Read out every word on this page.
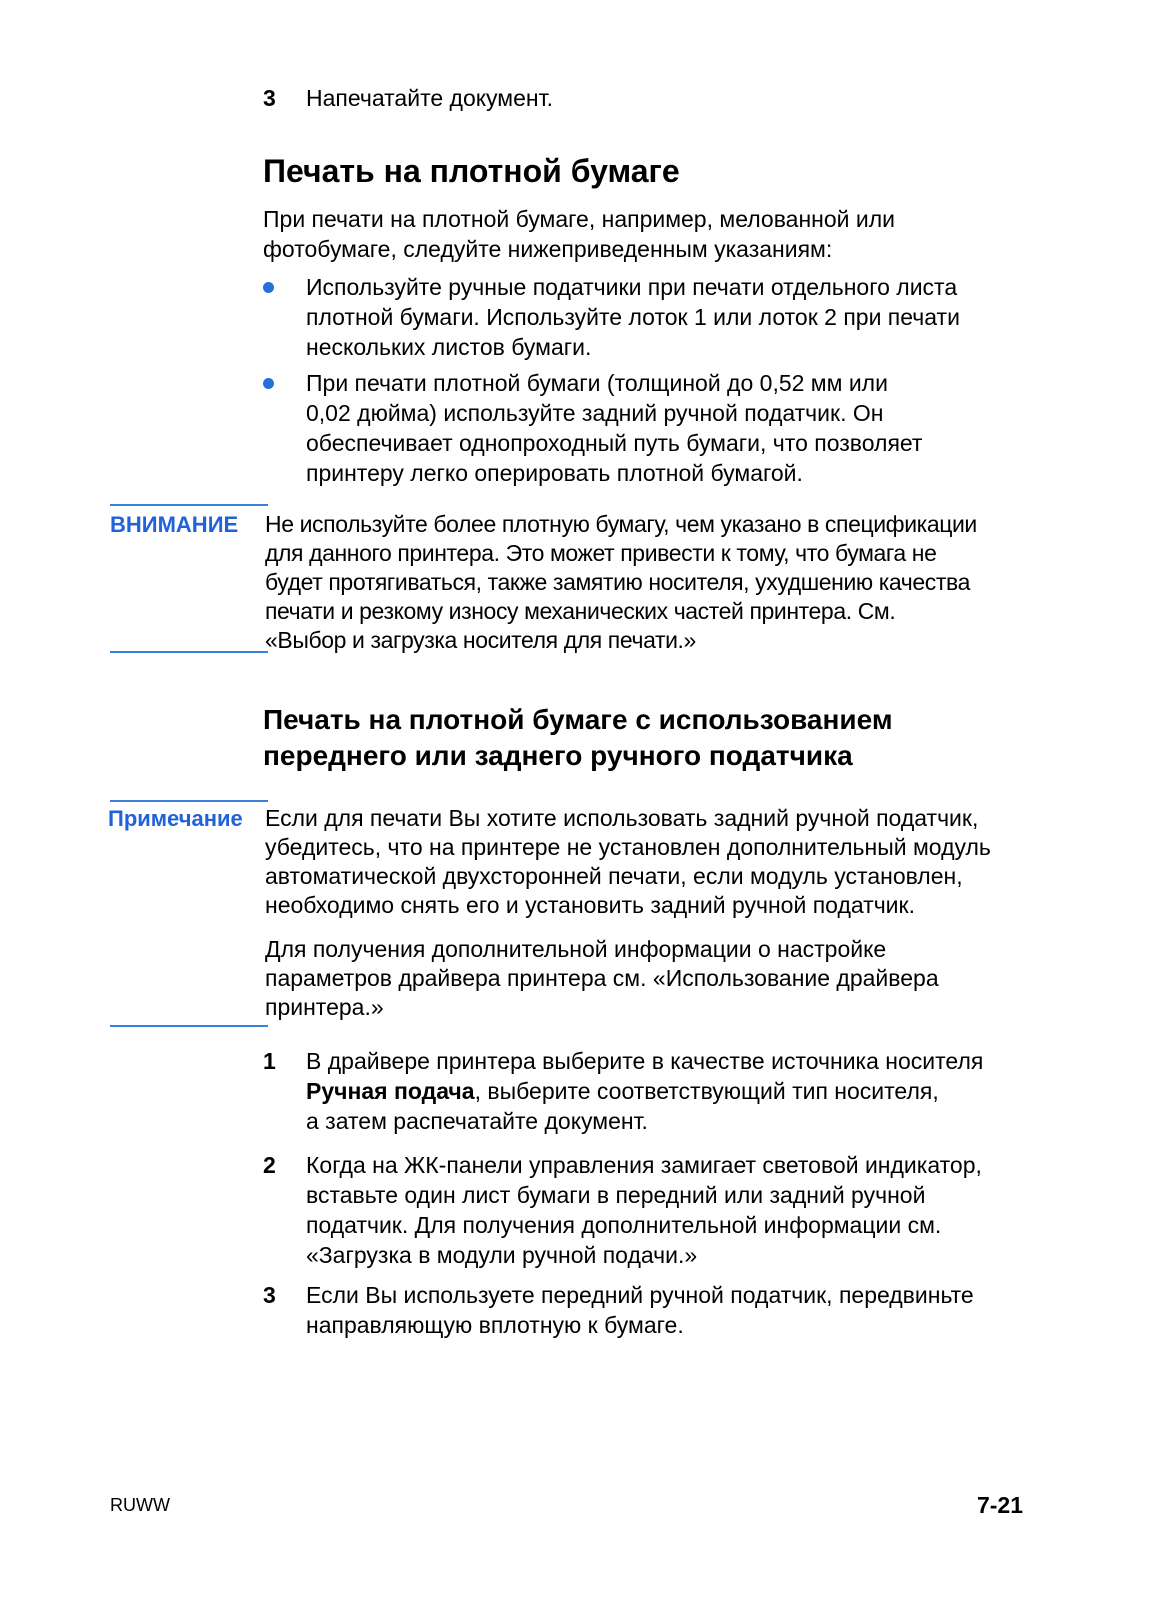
3 Напечатайте документ.
Печать на плотной бумаге
При печати на плотной бумаге, например, мелованной или
фотобумаге, следуйте нижеприведенным указаниям:
Используйте ручные податчики при печати отдельного листа
плотной бумаги. Используйте лоток 1 или лоток 2 при печати
нескольких листов бумаги.
При печати плотной бумаги (толщиной до 0,52 мм или
0,02 дюйма) используйте задний ручной податчик. Он
обеспечивает однопроходный путь бумаги, что позволяет
принтеру легко оперировать плотной бумагой.
ВНИМАНИЕ Не используйте более плотную бумагу, чем указано в спецификации
для данного принтера. Это может привести к тому, что бумага не
будет протягиваться, также замятию носителя, ухудшению качества
печати и резкому износу механических частей принтера. См.
«Выбор и загрузка носителя для печати.»
Печать на плотной бумаге с использованием
переднего или заднего ручного податчика
Примечание Если для печати Вы хотите использовать задний ручной податчик,
убедитесь, что на принтере не установлен дополнительный модуль
автоматической двухсторонней печати, если модуль установлен,
необходимо снять его и установить задний ручной податчик.
Для получения дополнительной информации о настройке
параметров драйвера принтера см. «Использование драйвера
принтера.»
1 В драйвере принтера выберите в качестве источника носителя
Ручная подача, выберите соответствующий тип носителя,
а затем распечатайте документ.
2 Когда на ЖК-панели управления замигает световой индикатор,
вставьте один лист бумаги в передний или задний ручной
податчик. Для получения дополнительной информации см.
«Загрузка в модули ручной подачи.»
3 Если Вы используете передний ручной податчик, передвиньте
направляющую вплотную к бумаге.
RUWW	7-21
